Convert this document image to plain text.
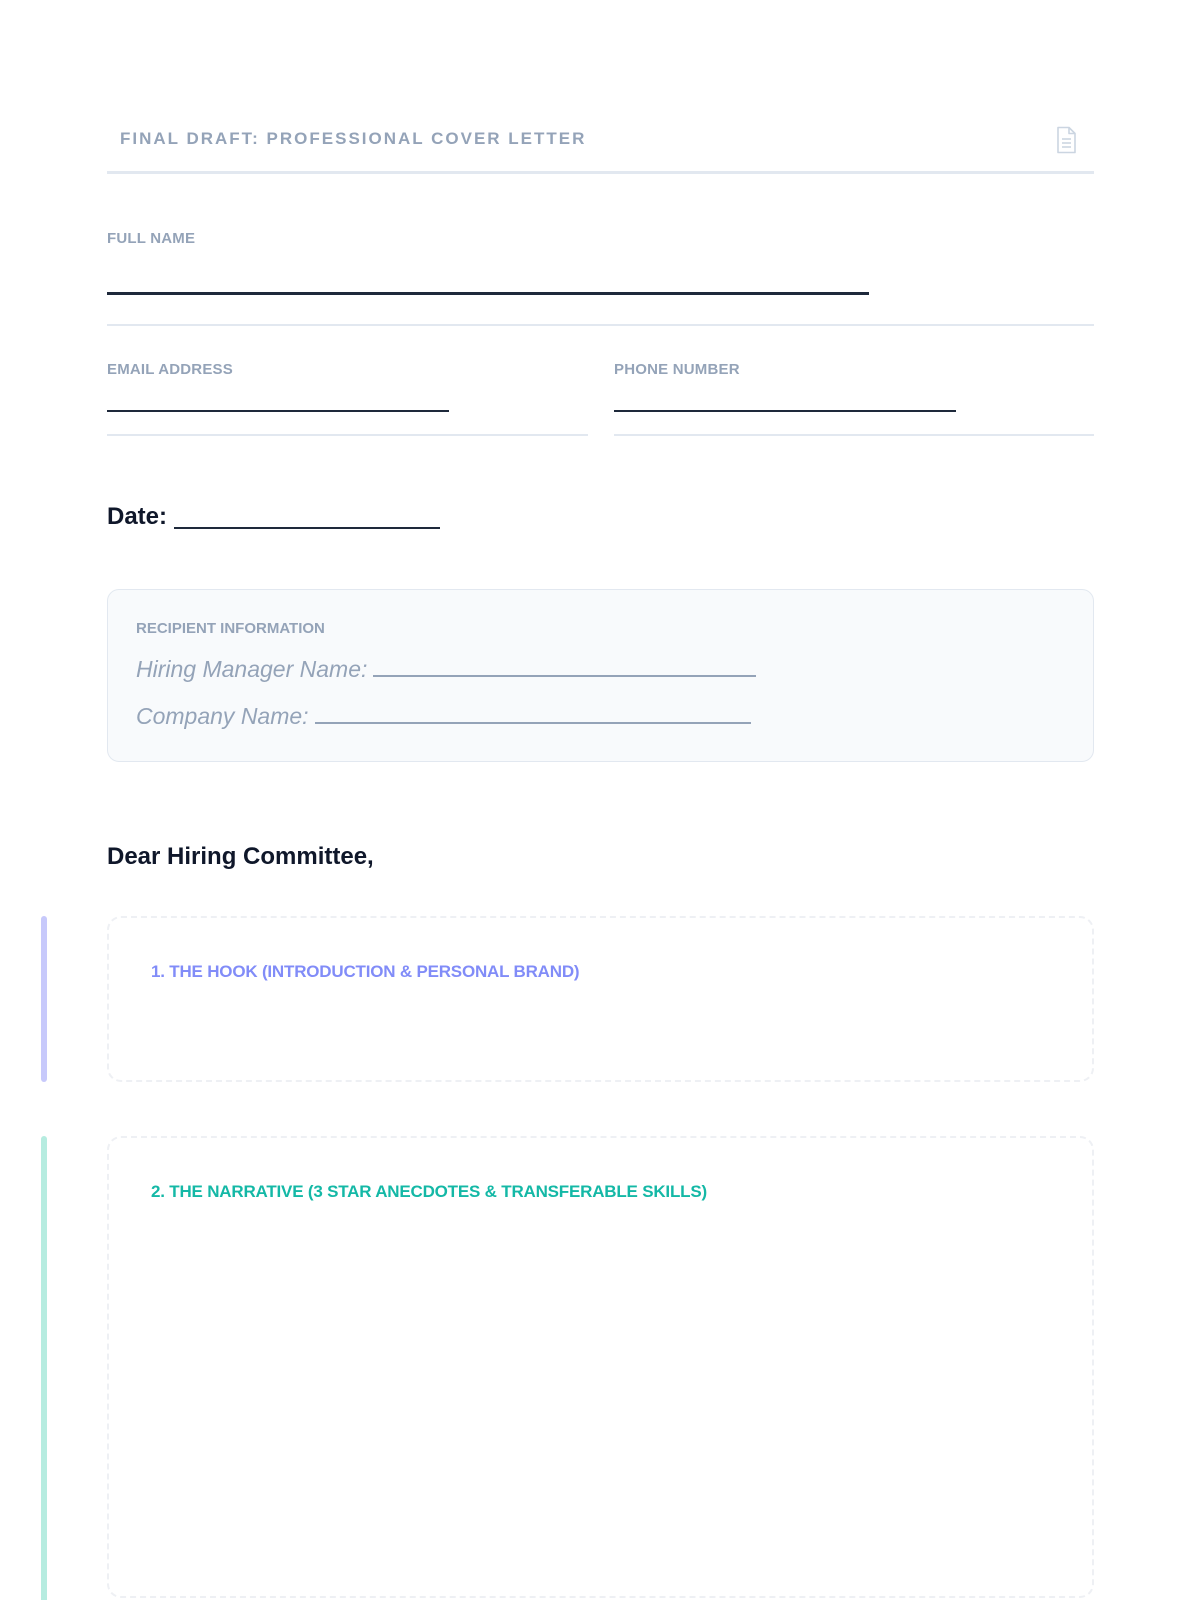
FINAL DRAFT: PROFESSIONAL COVER LETTER
FULL NAME
EMAIL ADDRESS	PHONE NUMBER
Date:
RECIPIENT INFORMATION
Hiring Manager Name:
Company Name:
Dear Hiring Committee,
1. THE HOOK (INTRODUCTION & PERSONAL BRAND)
2. THE NARRATIVE (3 STAR ANECDOTES & TRANSFERABLE SKILLS)
